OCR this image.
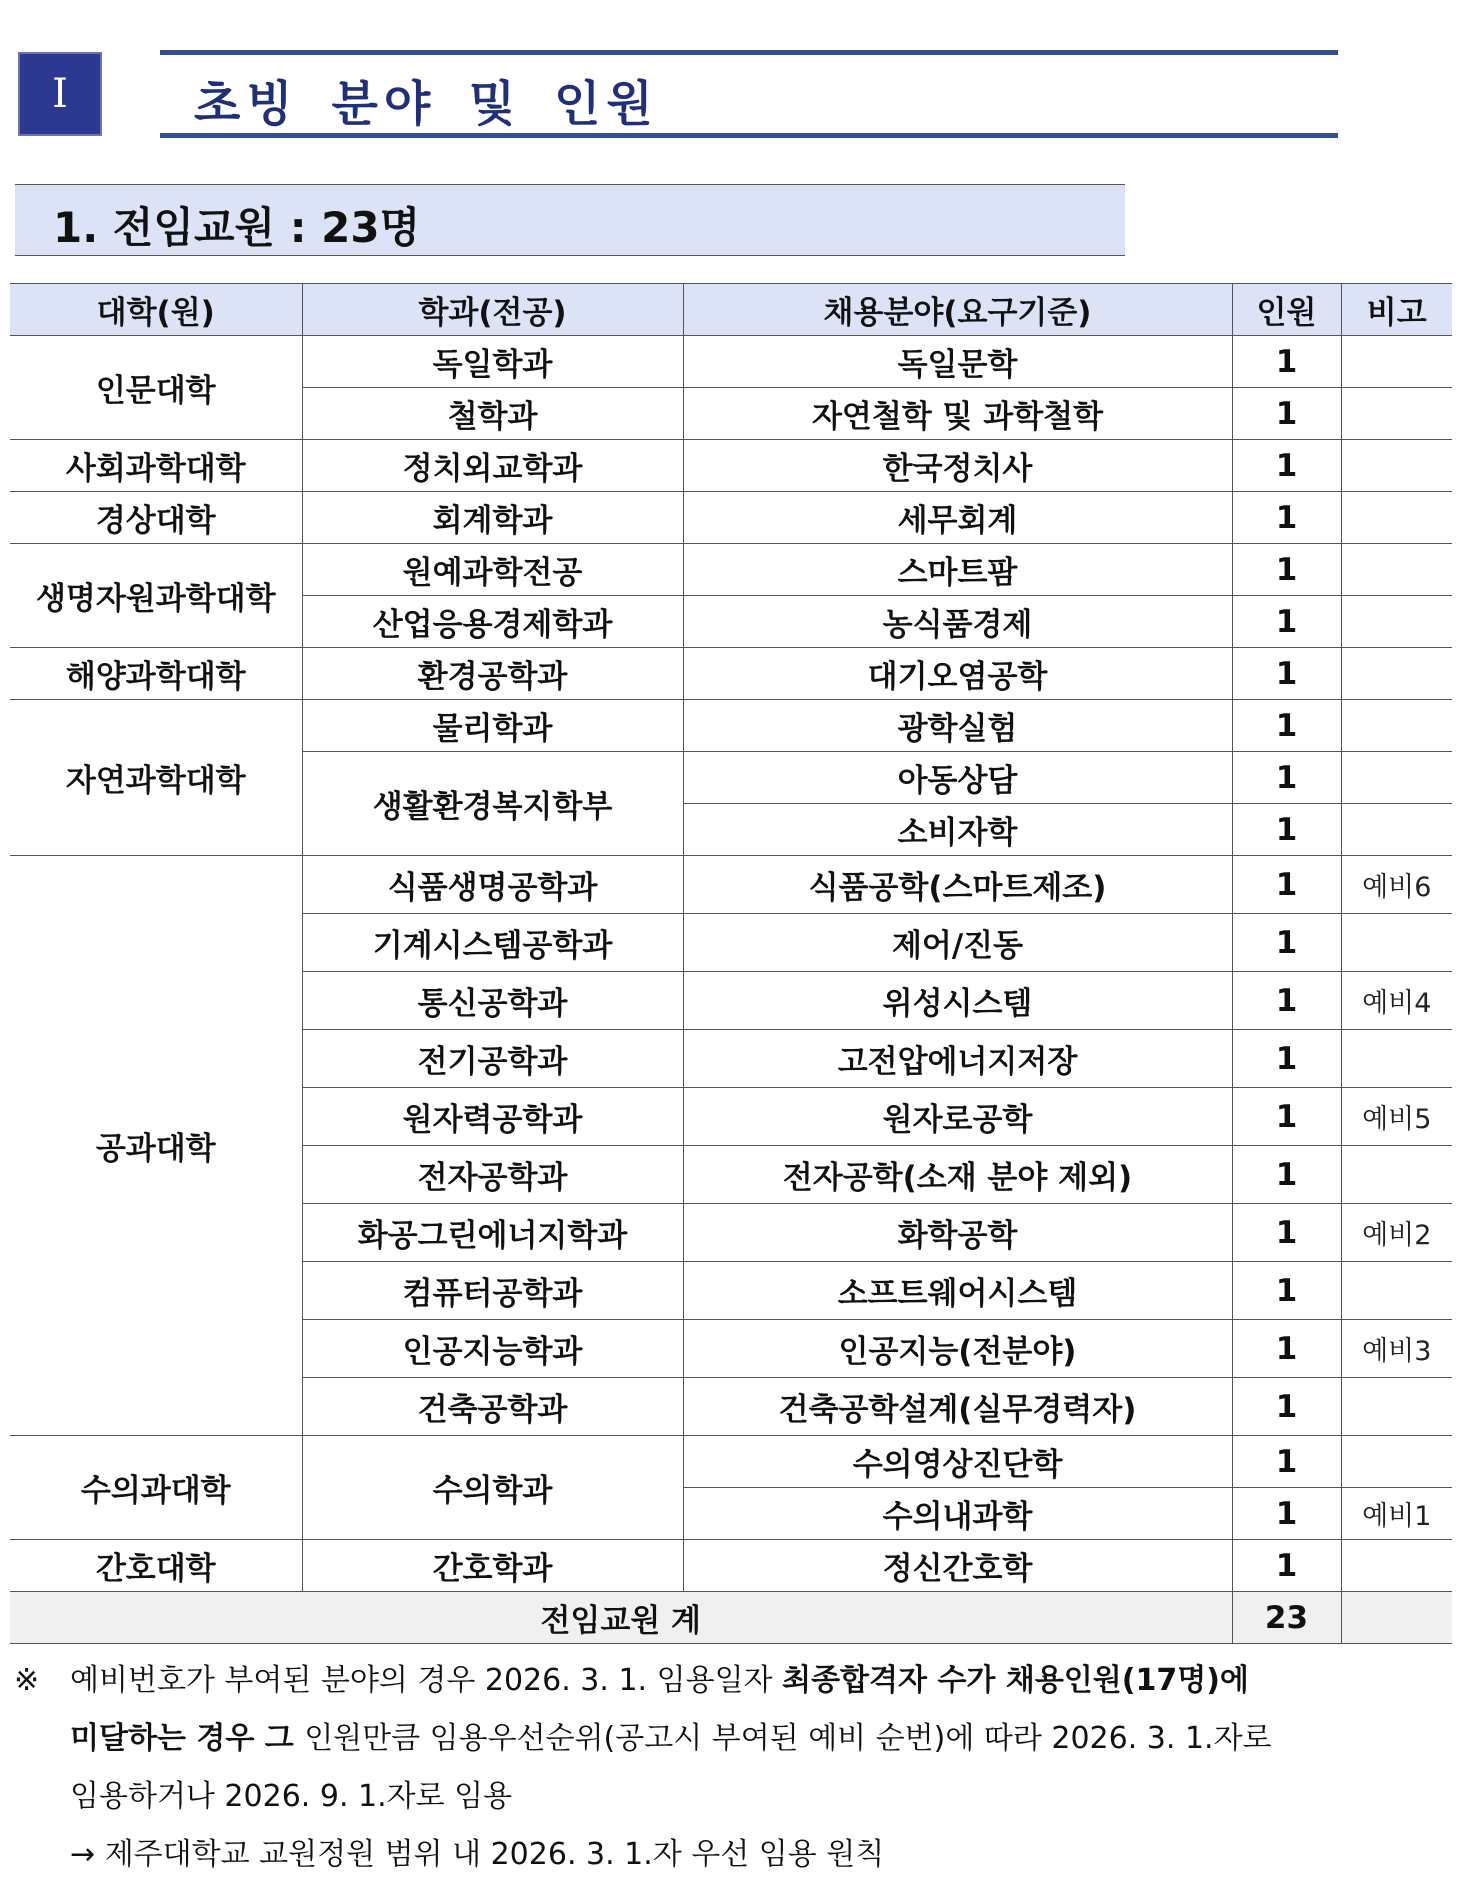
I	초빙 분야 및 인원
1. 전임교원 : 23명
대학(원)	학과(전공)	채용분야(요구기준)	인원	비고
인문대학	독일학과	독일문학	1	
	철학과	자연철학 및 과학철학	1	
사회과학대학	정치외교학과	한국정치사	1	
경상대학	회계학과	세무회계	1	
생명자원과학대학	원예과학전공	스마트팜	1	
	산업응용경제학과	농식품경제	1	
해양과학대학	환경공학과	대기오염공학	1	
자연과학대학	물리학과	광학실험	1	
	생활환경복지학부	아동상담	1	
		소비자학	1	
공과대학	식품생명공학과	식품공학(스마트제조)	1	예비6
	기계시스템공학과	제어/진동	1	
	통신공학과	위성시스템	1	예비4
	전기공학과	고전압에너지저장	1	
	원자력공학과	원자로공학	1	예비5
	전자공학과	전자공학(소재 분야 제외)	1	
	화공그린에너지학과	화학공학	1	예비2
	컴퓨터공학과	소프트웨어시스템	1	
	인공지능학과	인공지능(전분야)	1	예비3
	건축공학과	건축공학설계(실무경력자)	1	
수의과대학	수의학과	수의영상진단학	1	
		수의내과학	1	예비1
간호대학	간호학과	정신간호학	1	
전임교원 계			23	
※ 예비번호가 부여된 분야의 경우 2026. 3. 1. 임용일자 최종합격자 수가 채용인원(17명)에
미달하는 경우 그 인원만큼 임용우선순위(공고시 부여된 예비 순번)에 따라 2026. 3. 1.자로
임용하거나 2026. 9. 1.자로 임용
→ 제주대학교 교원정원 범위 내 2026. 3. 1.자 우선 임용 원칙
